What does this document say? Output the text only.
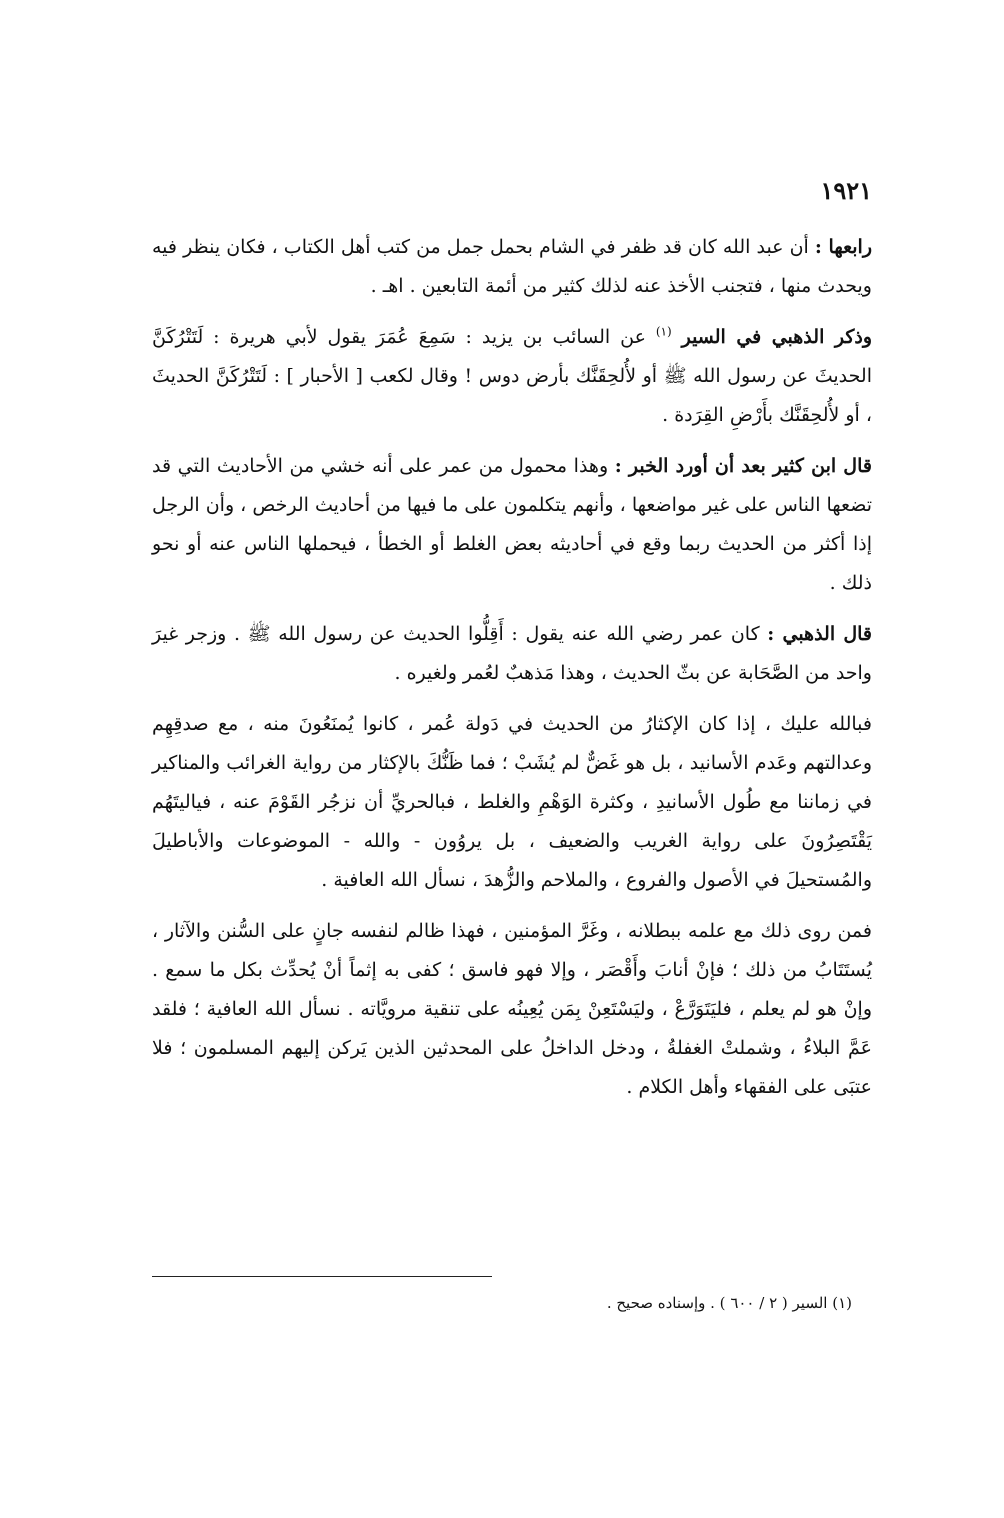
١٩٢١

رابعها : أن عبد الله كان قد ظفر في الشام بحمل جمل من كتب أهل الكتاب ، فكان ينظر فيه ويحدث منها ، فتجنب الأخذ عنه لذلك كثير من أئمة التابعين . اهـ .

وذكر الذهبي في السير $^{(١)}$ عن السائب بن يزيد : سَمِعَ عُمَرَ يقول لأبي هريرة : لَتَتْرُكَنَّ الحديثَ عن رسول الله ﷺ أو لأُلحِقَنَّك بأرض دوس ! وقال لكعب [ الأحبار ] : لَتَتْرُكَنَّ الحديثَ ، أو لأُلحِقَنَّك بأَرْضِ القِرَدة .

قال ابن كثير بعد أن أورد الخبر : وهذا محمول من عمر على أنه خشي من الأحاديث التي قد تضعها الناس على غير مواضعها ، وأنهم يتكلمون على ما فيها من أحاديث الرخص ، وأن الرجل إذا أكثر من الحديث ربما وقع في أحاديثه بعض الغلط أو الخطأ ، فيحملها الناس عنه أو نحو ذلك .

قال الذهبي : كان عمر رضي الله عنه يقول : أَقِلُّوا الحديث عن رسول الله ﷺ . وزجر غيرَ واحد من الصَّحَابة عن بثّ الحديث ، وهذا مَذهبٌ لعُمر ولغيره .

فبالله عليك ، إذا كان الإكثارُ من الحديث في دَولة عُمر ، كانوا يُمنَعُونَ منه ، مع صدقِهِم وعدالتهم وعَدم الأسانيد ، بل هو غَضٌّ لم يُشَبْ ؛ فما ظَنُّكَ بالإكثار من رواية الغرائب والمناكير في زماننا مع طُول الأسانيدِ ، وكثرة الوَهْمِ والغلط ، فبالحريِّ أن نزجُر القَوْمَ عنه ، فياليتَهُم يَقْتَصِرُونَ على رواية الغريب والضعيف ، بل يروُون - والله - الموضوعات والأباطيلَ والمُستحيلَ في الأصول والفروع ، والملاحم والزُّهدَ ، نسأل الله العافية .

فمن روى ذلك مع علمه ببطلانه ، وغَرَّ المؤمنين ، فهذا ظالم لنفسه جانٍ على السُّنن والآثار ، يُستَتَابُ من ذلك ؛ فإنْ أنابَ وأَقْصَر ، وإلا فهو فاسق ؛ كفى به إثماً أنْ يُحدِّث بكل ما سمع . وإنْ هو لم يعلم ، فليَتَوَرَّعْ ، وليَسْتَعِنْ بِمَن يُعِينُه على تنقية مرويَّاته . نسأل الله العافية ؛ فلقد عَمَّ البلاءُ ، وشملتْ الغفلةُ ، ودخل الداخلُ على المحدثين الذين يَركن إليهم المسلمون ؛ فلا عتبَى على الفقهاء وأهل الكلام .

(١) السير ( ٢ / ٦٠٠ ) . وإسناده صحيح .
